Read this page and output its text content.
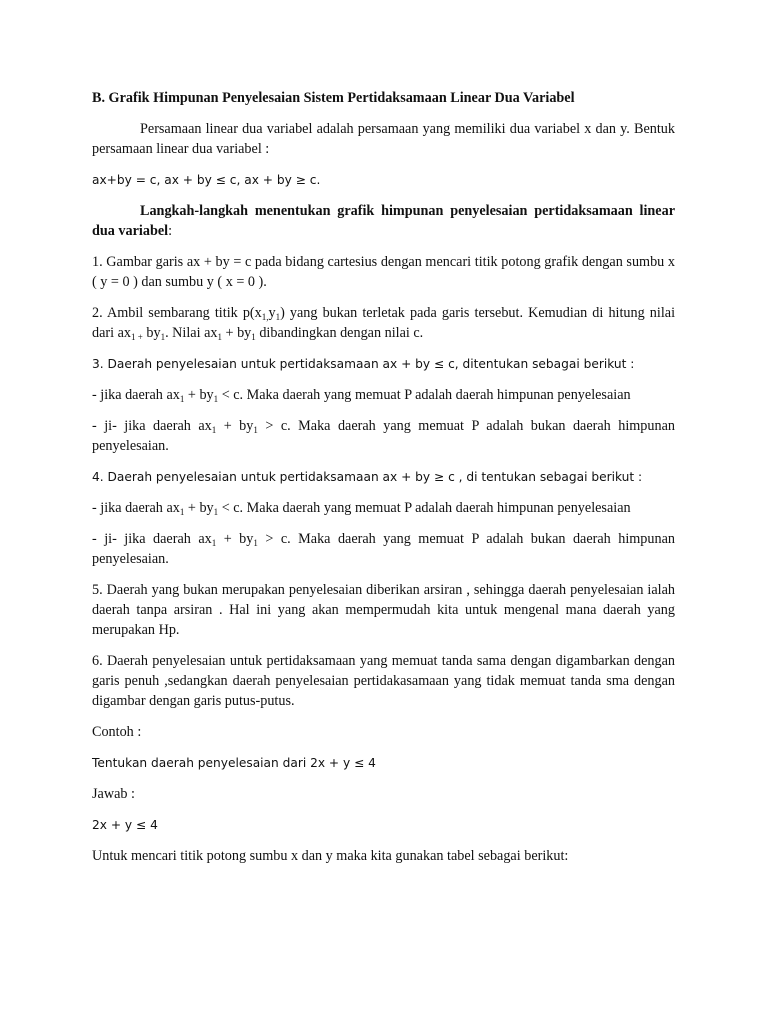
B. Grafik Himpunan Penyelesaian Sistem Pertidaksamaan Linear Dua Variabel

Persamaan linear dua variabel adalah persamaan yang memiliki dua variabel x dan y. Bentuk persamaan linear dua variabel :

ax+by = c, ax + by ≤ c, ax + by ≥ c.

Langkah-langkah menentukan grafik himpunan penyelesaian pertidaksamaan linear dua variabel:

1. Gambar garis ax + by = c pada bidang cartesius dengan mencari titik potong grafik dengan sumbu x ( y = 0 ) dan sumbu y ( x = 0 ).

2. Ambil sembarang titik $p(x_{1,}y_1)$ yang bukan terletak pada garis tersebut. Kemudian di hitung nilai dari $ax_{1 +}$ $by_1$. Nilai $ax_1 + by_1$ dibandingkan dengan nilai c.

3. Daerah penyelesaian untuk pertidaksamaan ax + by ≤ c, ditentukan sebagai berikut :

- jika daerah $ax_1 + by_1 < c$. Maka daerah yang memuat P adalah daerah himpunan penyelesaian

- ji- jika daerah $ax_1 + by_1 > c$. Maka daerah yang memuat P adalah bukan daerah himpunan penyelesaian.

4. Daerah penyelesaian untuk pertidaksamaan ax + by ≥ c , di tentukan sebagai berikut :

- jika daerah $ax_1 + by_1 < c$. Maka daerah yang memuat P adalah daerah himpunan penyelesaian

- ji- jika daerah $ax_1 + by_1 > c$. Maka daerah yang memuat P adalah bukan daerah himpunan penyelesaian.

5. Daerah yang bukan merupakan penyelesaian diberikan arsiran , sehingga daerah penyelesaian ialah daerah tanpa arsiran . Hal ini yang akan mempermudah kita untuk mengenal mana daerah yang merupakan Hp.

6. Daerah penyelesaian untuk pertidaksamaan yang memuat tanda sama dengan digambarkan dengan garis penuh ,sedangkan daerah penyelesaian pertidakasamaan yang tidak memuat tanda sma dengan digambar dengan garis putus-putus.

Contoh :

Tentukan daerah penyelesaian dari 2x + y ≤ 4

Jawab :

2x + y ≤ 4

Untuk mencari titik potong sumbu x dan y maka kita gunakan tabel sebagai berikut:
